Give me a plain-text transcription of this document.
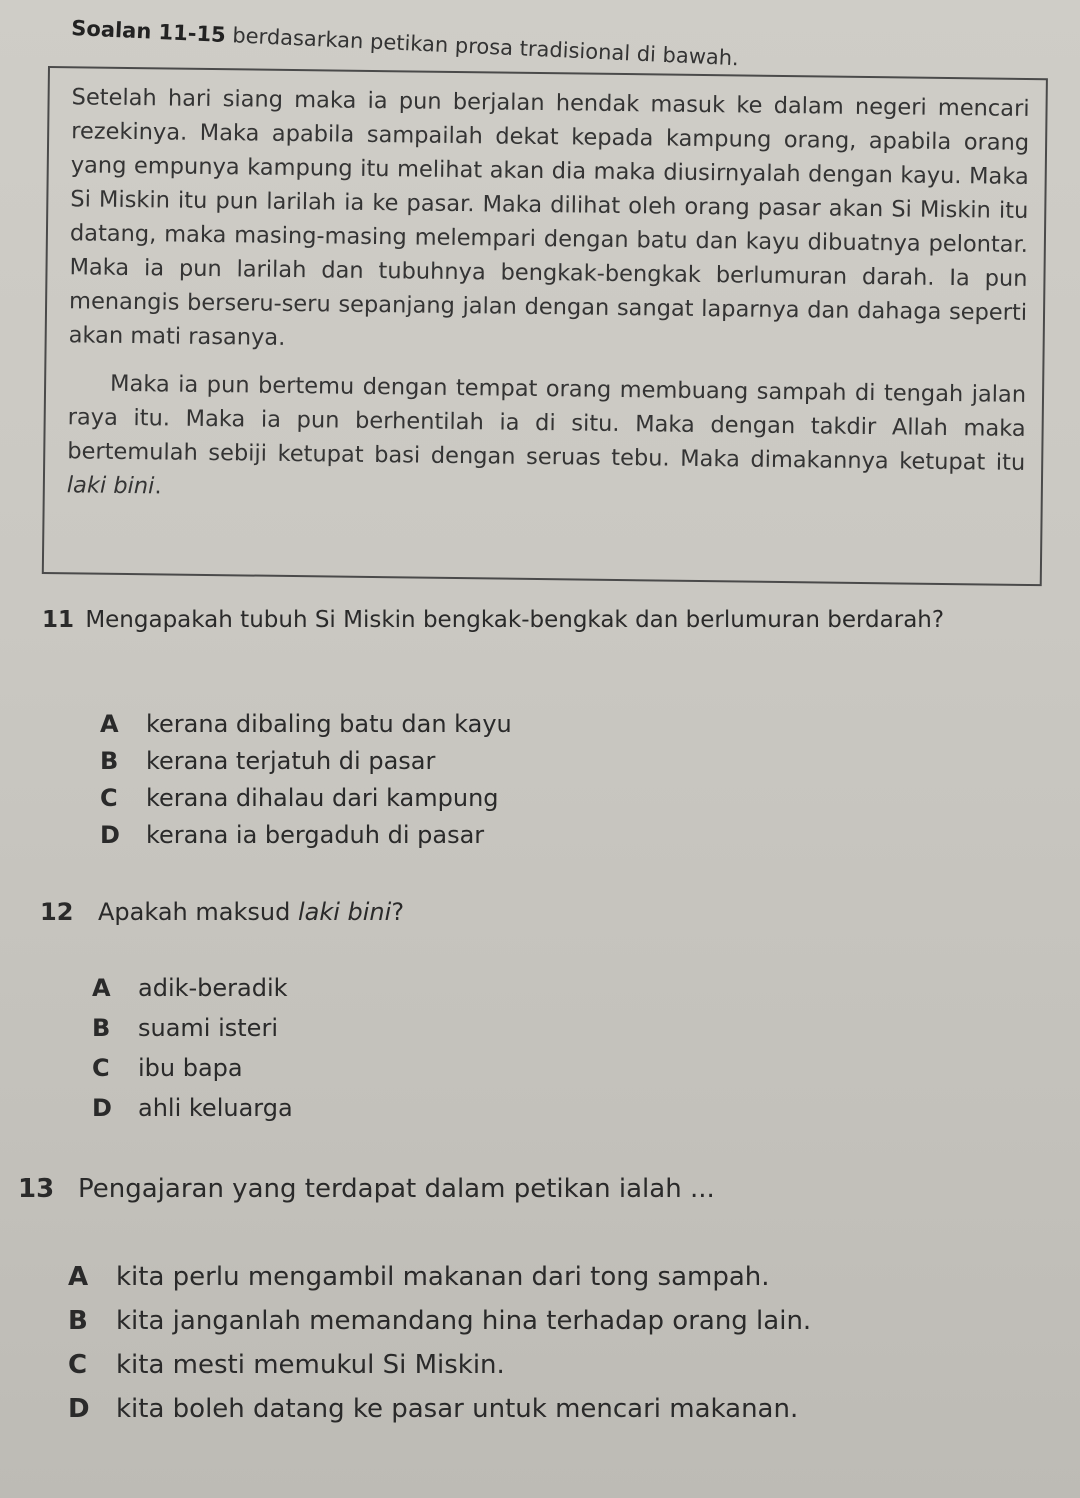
Soalan 11-15 berdasarkan petikan prosa tradisional di bawah.

Setelah hari siang maka ia pun berjalan hendak masuk ke dalam negeri mencari rezekinya. Maka apabila sampailah dekat kepada kampung orang, apabila orang yang empunya kampung itu melihat akan dia maka diusirnyalah dengan kayu. Maka Si Miskin itu pun larilah ia ke pasar. Maka dilihat oleh orang pasar akan Si Miskin itu datang, maka masing-masing melempari dengan batu dan kayu dibuatnya pelontar. Maka ia pun larilah dan tubuhnya bengkak-bengkak berlumuran darah. Ia pun menangis berseru-seru sepanjang jalan dengan sangat laparnya dan dahaga seperti akan mati rasanya.

Maka ia pun bertemu dengan tempat orang membuang sampah di tengah jalan raya itu. Maka ia pun berhentilah ia di situ. Maka dengan takdir Allah maka bertemulah sebiji ketupat basi dengan seruas tebu. Maka dimakannya ketupat itu laki bini.

11 Mengapakah tubuh Si Miskin bengkak-bengkak dan berlumuran berdarah?
A	kerana dibaling batu dan kayu
B	kerana terjatuh di pasar
C	kerana dihalau dari kampung
D	kerana ia bergaduh di pasar
12 Apakah maksud laki bini?
A	adik-beradik
B	suami isteri
C	ibu bapa
D	ahli keluarga
13 Pengajaran yang terdapat dalam petikan ialah ...
A	kita perlu mengambil makanan dari tong sampah.
B	kita janganlah memandang hina terhadap orang lain.
C	kita mesti memukul Si Miskin.
D	kita boleh datang ke pasar untuk mencari makanan.
